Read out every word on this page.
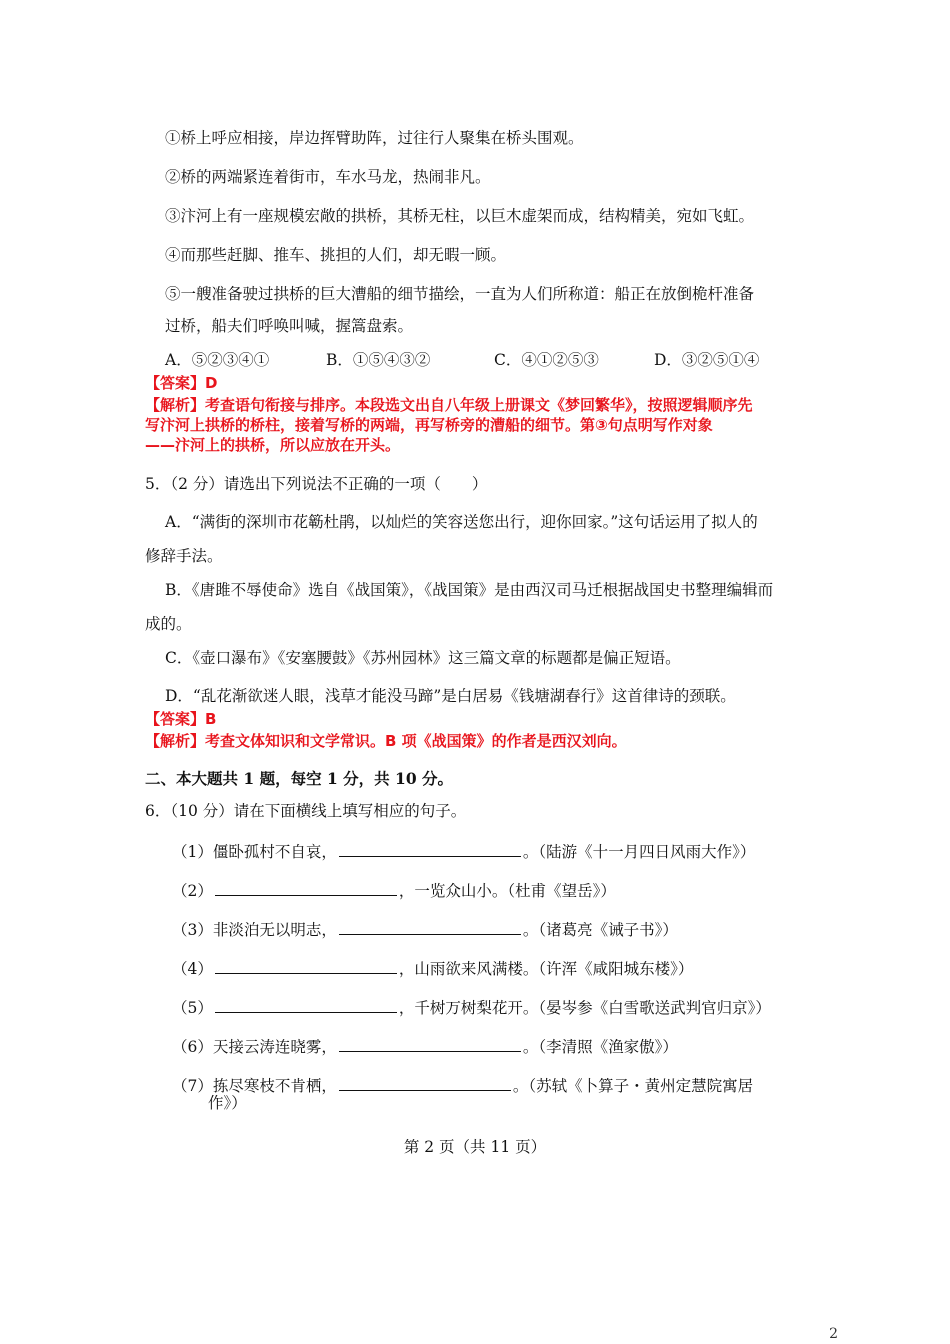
①桥上呼应相接，岸边挥臂助阵，过往行人聚集在桥头围观。
②桥的两端紧连着街市，车水马龙，热闹非凡。
③汴河上有一座规模宏敞的拱桥，其桥无柱，以巨木虚架而成，结构精美，宛如飞虹。
④而那些赶脚、推车、挑担的人们，却无暇一顾。
⑤一艘准备驶过拱桥的巨大漕船的细节描绘，一直为人们所称道：船正在放倒桅杆准备
过桥，船夫们呼唤叫喊，握篙盘索。
A．⑤②③④①	B．①⑤④③②	C．④①②⑤③	D．③②⑤①④
【答案】D
【解析】考查语句衔接与排序。本段选文出自八年级上册课文《梦回繁华》，按照逻辑顺序先
写汴河上拱桥的桥柱，接着写桥的两端，再写桥旁的漕船的细节。第③句点明写作对象
——汴河上的拱桥，所以应放在开头。
5．（2 分）请选出下列说法不正确的一项（　　）
A．“满街的深圳市花簕杜鹃，以灿烂的笑容送您出行，迎你回家。”这句话运用了拟人的
修辞手法。
B．《唐雎不辱使命》选自《战国策》，《战国策》是由西汉司马迁根据战国史书整理编辑而
成的。
C．《壶口瀑布》《安塞腰鼓》《苏州园林》这三篇文章的标题都是偏正短语。
D．“乱花渐欲迷人眼，浅草才能没马蹄”是白居易《钱塘湖春行》这首律诗的颈联。
【答案】B
【解析】考查文体知识和文学常识。B 项《战国策》的作者是西汉刘向。
二、本大题共 1 题，每空 1 分，共 10 分。
6．（10 分）请在下面横线上填写相应的句子。
（1）僵卧孤村不自哀，	。（陆游《十一月四日风雨大作》）
（2）	，一览众山小。（杜甫《望岳》）
（3）非淡泊无以明志，	。（诸葛亮《诫子书》）
（4）	，山雨欲来风满楼。（许浑《咸阳城东楼》）
（5）	，千树万树梨花开。（晏岑参《白雪歌送武判官归京》）
（6）天接云涛连晓雾，	。（李清照《渔家傲》）
（7）拣尽寒枝不肯栖，	。（苏轼《卜算子・黄州定慧院寓居
作》）
第 2 页（共 11 页）
2
